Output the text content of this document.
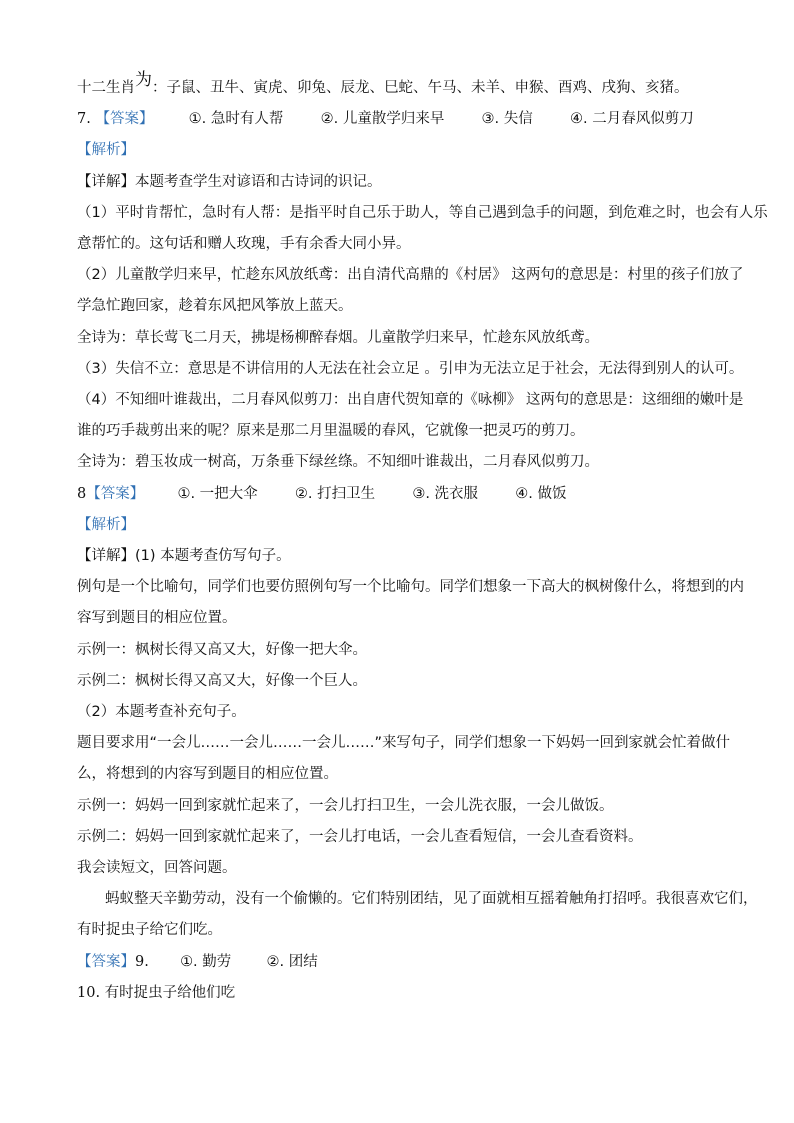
十二生肖为：子鼠、丑牛、寅虎、卯兔、辰龙、巳蛇、午马、未羊、申猴、酉鸡、戌狗、亥猪。
7. 【答案】 ①. 急时有人帮	②. 儿童散学归来早	③. 失信	④. 二月春风似剪刀
【解析】
【详解】本题考查学生对谚语和古诗词的识记。
（1）平时肯帮忙，急时有人帮：是指平时自己乐于助人，等自己遇到急手的问题，到危难之时，也会有人乐
意帮忙的。这句话和赠人玫瑰，手有余香大同小异。
（2）儿童散学归来早，忙趁东风放纸鸢：出自清代高鼎的《村居》 这两句的意思是：村里的孩子们放了
学急忙跑回家，趁着东风把风筝放上蓝天。
全诗为：草长莺飞二月天，拂堤杨柳醉春烟。儿童散学归来早，忙趁东风放纸鸢。
（3）失信不立：意思是不讲信用的人无法在社会立足 。引申为无法立足于社会，无法得到别人的认可。
（4）不知细叶谁裁出，二月春风似剪刀：出自唐代贺知章的《咏柳》 这两句的意思是：这细细的嫩叶是
谁的巧手裁剪出来的呢？原来是那二月里温暖的春风，它就像一把灵巧的剪刀。
全诗为：碧玉妆成一树高，万条垂下绿丝绦。不知细叶谁裁出，二月春风似剪刀。
8【答案】 ①. 一把大伞	②. 打扫卫生	③. 洗衣服	④. 做饭
【解析】
【详解】(1) 本题考查仿写句子。
例句是一个比喻句，同学们也要仿照例句写一个比喻句。同学们想象一下高大的枫树像什么，将想到的内
容写到题目的相应位置。
示例一：枫树长得又高又大，好像一把大伞。
示例二：枫树长得又高又大，好像一个巨人。
（2）本题考查补充句子。
题目要求用“一会儿……一会儿……一会儿……”来写句子，同学们想象一下妈妈一回到家就会忙着做什
么，将想到的内容写到题目的相应位置。
示例一：妈妈一回到家就忙起来了，一会儿打扫卫生，一会儿洗衣服，一会儿做饭。
示例二：妈妈一回到家就忙起来了，一会儿打电话，一会儿查看短信，一会儿查看资料。
我会读短文，回答问题。
蚂蚁整天辛勤劳动，没有一个偷懒的。它们特别团结，见了面就相互摇着触角打招呼。我很喜欢它们，
有时捉虫子给它们吃。
【答案】9. ①. 勤劳 ②. 团结
10. 有时捉虫子给他们吃
